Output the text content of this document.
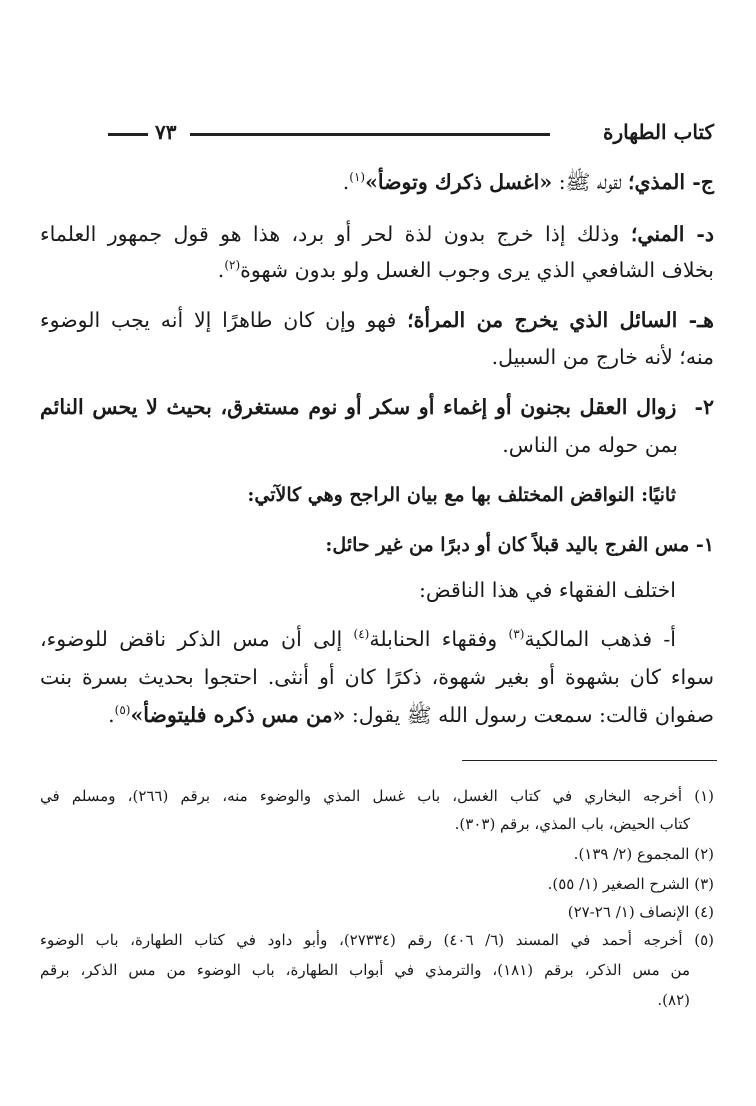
كتاب الطهارة
٧٣
ج- المذي؛ لقوله ﷺ: «اغسل ذكرك وتوضأ»$^{(١)}$.
د- المني؛ وذلك إذا خرج بدون لذة لحر أو برد، هذا هو قول جمهور العلماء
بخلاف الشافعي الذي يرى وجوب الغسل ولو بدون شهوة$^{(٢)}$.
هـ- السائل الذي يخرج من المرأة؛ فهو وإن كان طاهرًا إلا أنه يجب الوضوء
منه؛ لأنه خارج من السبيل.
٢-زوال العقل بجنون أو إغماء أو سكر أو نوم مستغرق، بحيث لا يحس النائم
بمن حوله من الناس.
ثانيًا: النواقض المختلف بها مع بيان الراجح وهي كالآتي:
١- مس الفرج باليد قبلاً كان أو دبرًا من غير حائل:
اختلف الفقهاء في هذا الناقض:
أ- فذهب المالكية$^{(٣)}$ وفقهاء الحنابلة$^{(٤)}$ إلى أن مس الذكر ناقض للوضوء،
سواء كان بشهوة أو بغير شهوة، ذكرًا كان أو أنثى. احتجوا بحديث بسرة بنت
صفوان قالت: سمعت رسول الله ﷺ يقول: «من مس ذكره فليتوضأ»$^{(٥)}$.
(١) أخرجه البخاري في كتاب الغسل، باب غسل المذي والوضوء منه، برقم (٢٦٦)، ومسلم في
كتاب الحيض، باب المذي، برقم (٣٠٣).
(٢) المجموع (٢/ ١٣٩).
(٣) الشرح الصغير (١/ ٥٥).
(٤) الإنصاف (١/ ٢٦-٢٧)
(٥) أخرجه أحمد في المسند (٦/ ٤٠٦) رقم (٢٧٣٣٤)، وأبو داود في كتاب الطهارة، باب الوضوء
من مس الذكر، برقم (١٨١)، والترمذي في أبواب الطهارة، باب الوضوء من مس الذكر، برقم
(٨٢).
